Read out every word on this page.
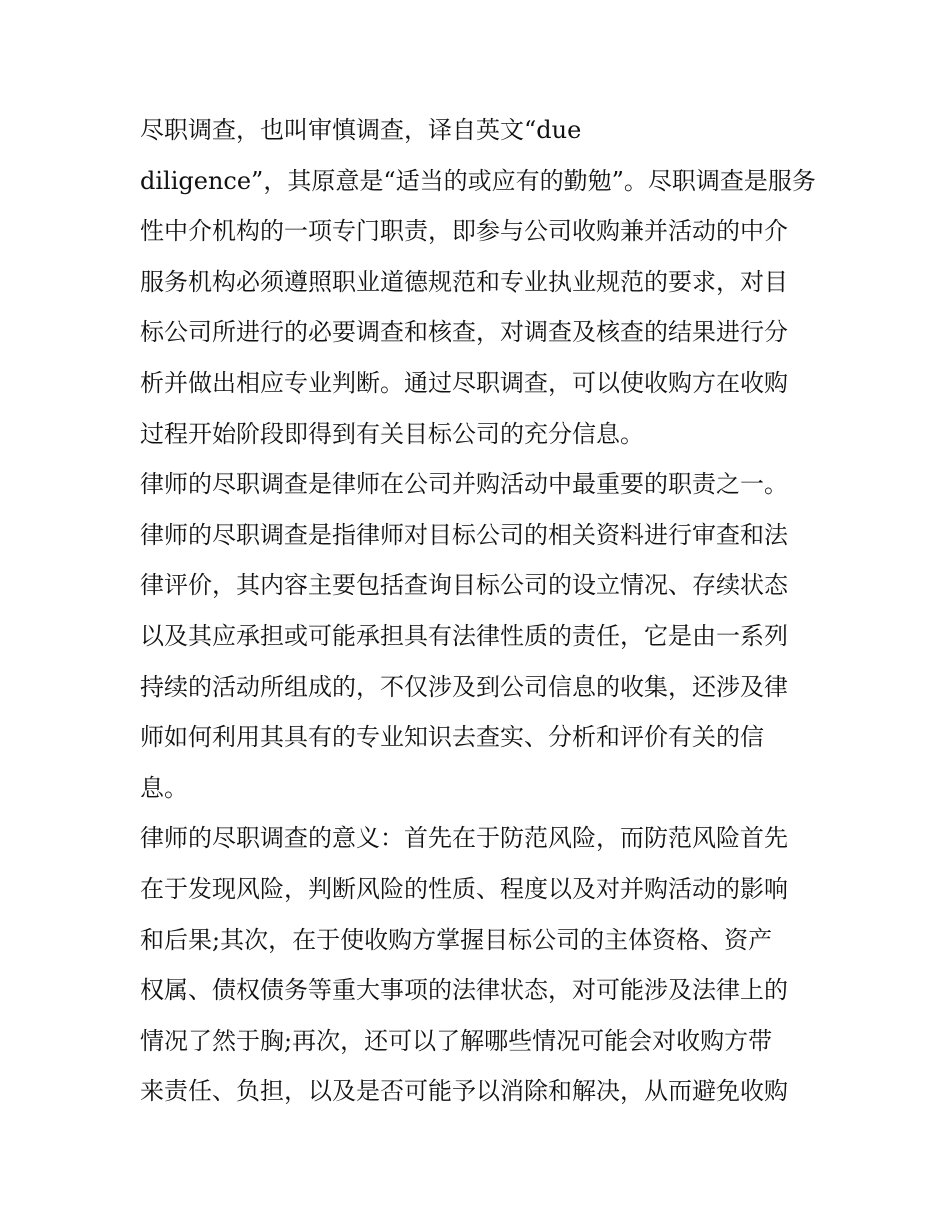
尽职调查，也叫审慎调查，译自英文“due
diligence”，其原意是“适当的或应有的勤勉”。尽职调查是服务
性中介机构的一项专门职责，即参与公司收购兼并活动的中介
服务机构必须遵照职业道德规范和专业执业规范的要求，对目
标公司所进行的必要调查和核查，对调查及核查的结果进行分
析并做出相应专业判断。通过尽职调查，可以使收购方在收购
过程开始阶段即得到有关目标公司的充分信息。

律师的尽职调查是律师在公司并购活动中最重要的职责之一。

律师的尽职调查是指律师对目标公司的相关资料进行审查和法
律评价，其内容主要包括查询目标公司的设立情况、存续状态
以及其应承担或可能承担具有法律性质的责任，它是由一系列
持续的活动所组成的，不仅涉及到公司信息的收集，还涉及律
师如何利用其具有的专业知识去查实、分析和评价有关的信
息。

律师的尽职调查的意义：首先在于防范风险，而防范风险首先
在于发现风险，判断风险的性质、程度以及对并购活动的影响
和后果;其次，在于使收购方掌握目标公司的主体资格、资产
权属、债权债务等重大事项的法律状态，对可能涉及法律上的
情况了然于胸;再次，还可以了解哪些情况可能会对收购方带
来责任、负担，以及是否可能予以消除和解决，从而避免收购
